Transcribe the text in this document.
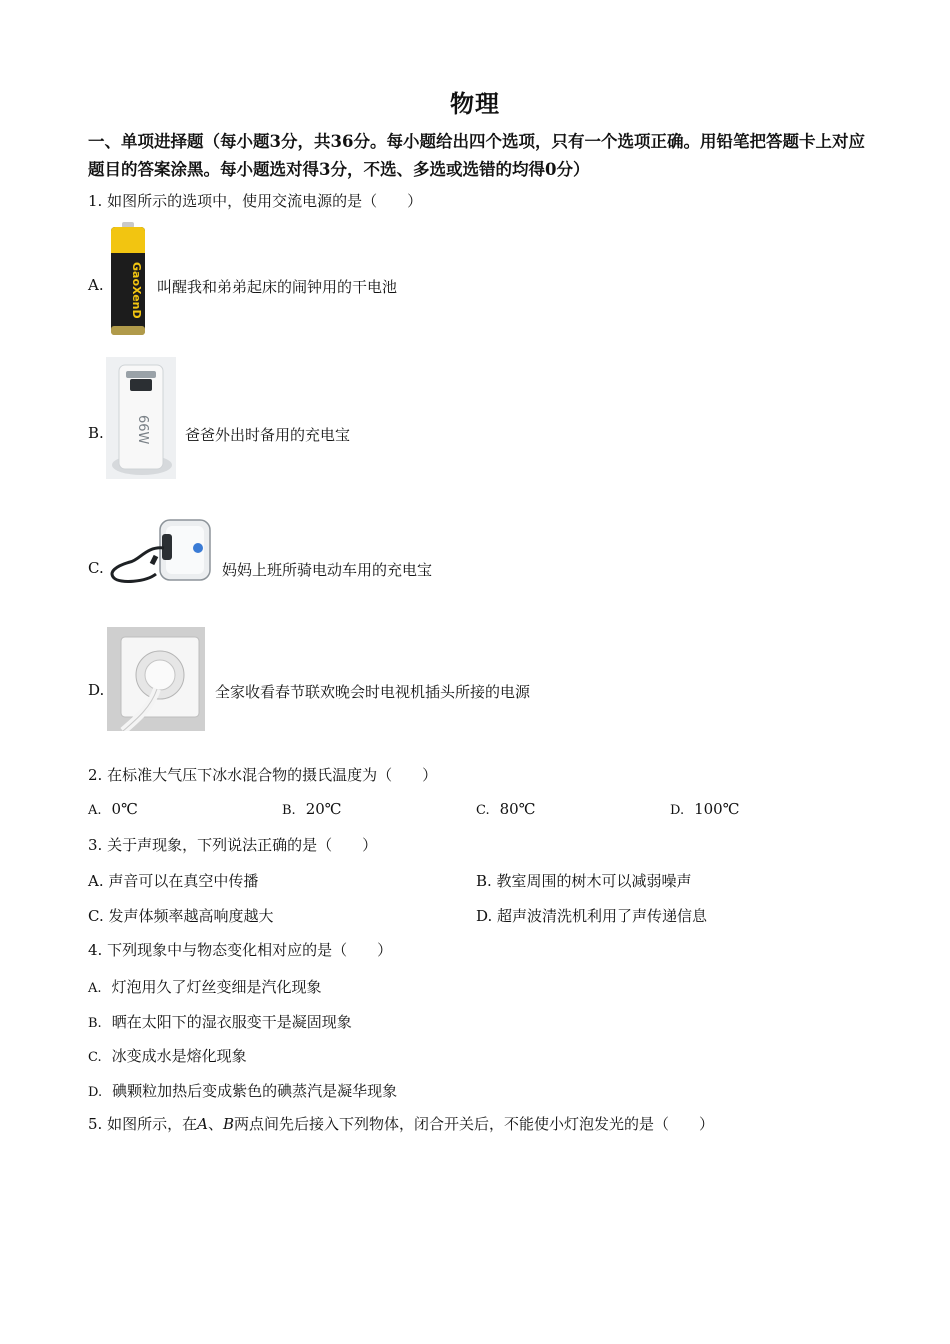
物理
一、单项进择题（每小题3分，共36分。每小题给出四个选项，只有一个选项正确。用铅笔把答题卡上对应题目的答案涂黑。每小题选对得3分，不选、多选或选错的均得0分）
1. 如图所示的选项中，使用交流电源的是（　　）
A. GaoXenD 叫醒我和弟弟起床的闹钟用的干电池
B. 66W 爸爸外出时备用的充电宝
C.	妈妈上班所骑电动车用的充电宝
D.	全家收看春节联欢晚会时电视机插头所接的电源
2. 在标准大气压下冰水混合物的摄氏温度为（　　）
A. 0℃	B. 20℃	C. 80℃	D. 100℃
3. 关于声现象，下列说法正确的是（　　）
A. 声音可以在真空中传播	B. 教室周围的树木可以减弱噪声
C. 发声体频率越高响度越大	D. 超声波清洗机利用了声传递信息
4. 下列现象中与物态变化相对应的是（　　）
A. 灯泡用久了灯丝变细是汽化现象
B. 晒在太阳下的湿衣服变干是凝固现象
C. 冰变成水是熔化现象
D. 碘颗粒加热后变成紫色的碘蒸汽是凝华现象
5. 如图所示，在A、B两点间先后接入下列物体，闭合开关后，不能使小灯泡发光的是（　　）
